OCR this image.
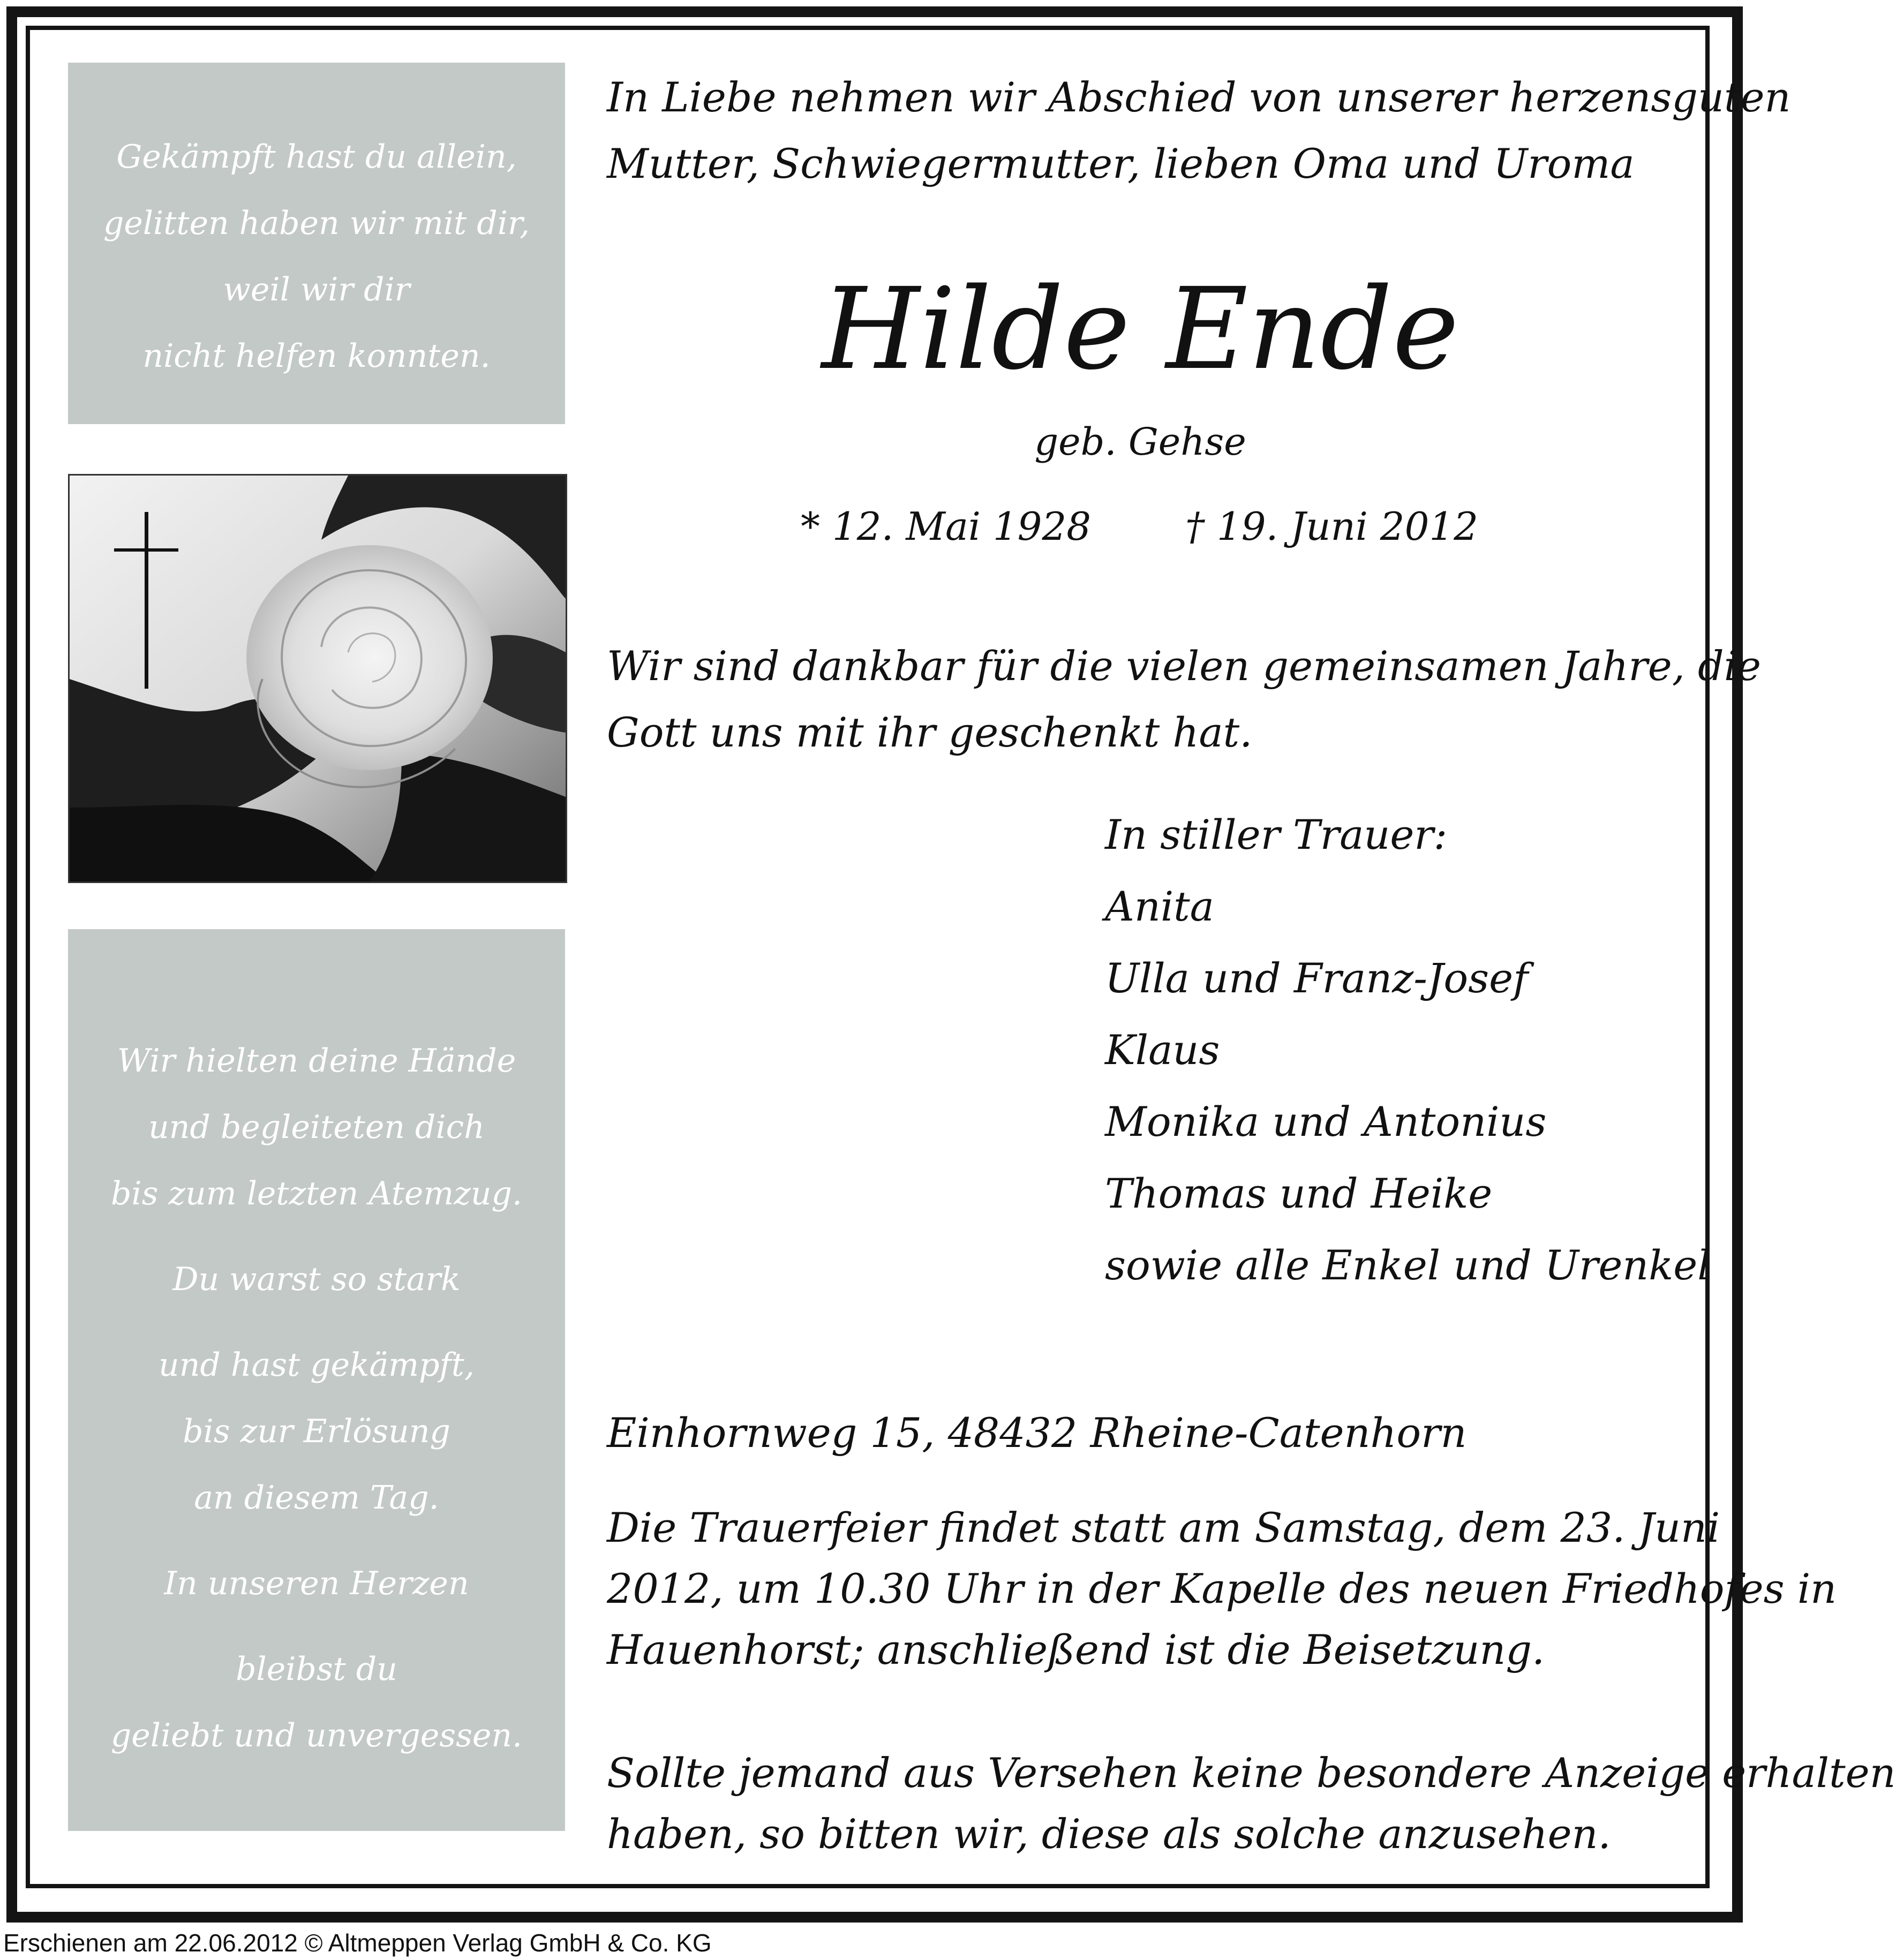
Gekämpft hast du allein,
gelitten haben wir mit dir,
weil wir dir
nicht helfen konnten.
Wir hielten deine Hände
und begleiteten dich
bis zum letzten Atemzug.
Du warst so stark
und hast gekämpft,
bis zur Erlösung
an diesem Tag.
In unseren Herzen
bleibst du
geliebt und unvergessen.
In Liebe nehmen wir Abschied von unserer herzensguten
Mutter, Schwiegermutter, lieben Oma und Uroma
Hilde Ende
geb. Gehse
* 12. Mai 1928 † 19. Juni 2012
Wir sind dankbar für die vielen gemeinsamen Jahre, die
Gott uns mit ihr geschenkt hat.
In stiller Trauer:
Anita
Ulla und Franz-Josef
Klaus
Monika und Antonius
Thomas und Heike
sowie alle Enkel und Urenkel
Einhornweg 15, 48432 Rheine-Catenhorn
Die Trauerfeier findet statt am Samstag, dem 23. Juni
2012, um 10.30 Uhr in der Kapelle des neuen Friedhofes in
Hauenhorst; anschließend ist die Beisetzung.
Sollte jemand aus Versehen keine besondere Anzeige erhalten
haben, so bitten wir, diese als solche anzusehen.
Erschienen am 22.06.2012 © Altmeppen Verlag GmbH & Co. KG
